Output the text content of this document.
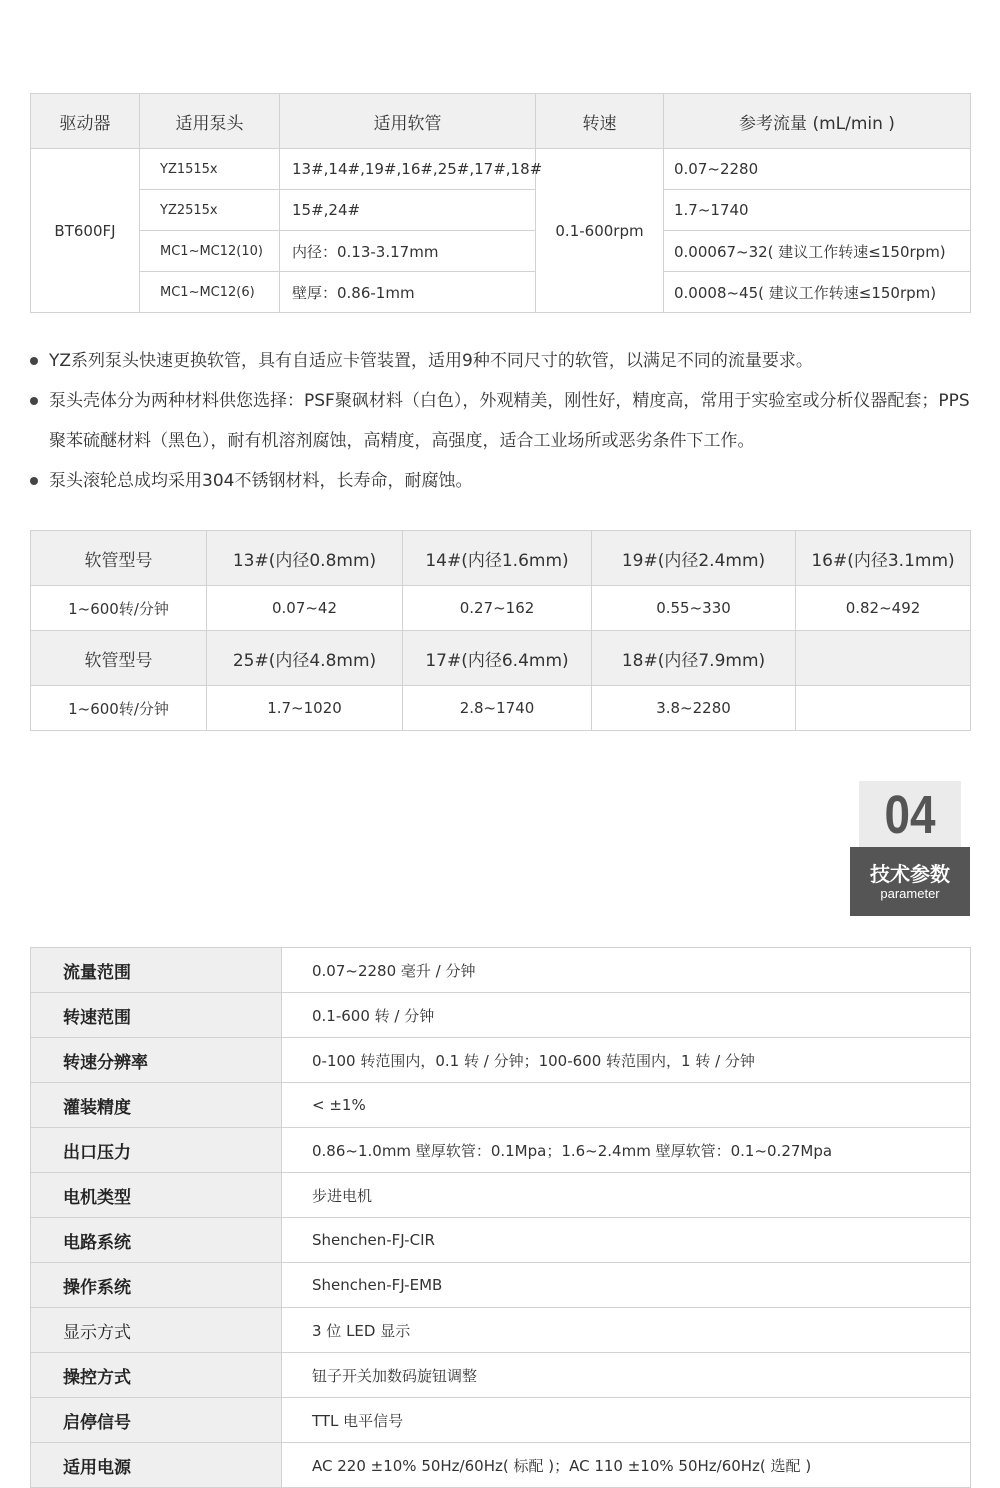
驱动器	适用泵头	适用软管	转速	参考流量 (mL/min )
BT600FJ	YZ1515x	13#,14#,19#,16#,25#,17#,18#	0.1-600rpm	0.07~2280
	YZ2515x	15#,24#		1.7~1740
	MC1~MC12(10)	内径：0.13-3.17mm		0.00067~32( 建议工作转速≤150rpm)
	MC1~MC12(6)	壁厚：0.86-1mm		0.0008~45( 建议工作转速≤150rpm)
YZ系列泵头快速更换软管，具有自适应卡管装置，适用9种不同尺寸的软管，以满足不同的流量要求。
泵头壳体分为两种材料供您选择：PSF聚砜材料（白色），外观精美，刚性好，精度高，常用于实验室或分析仪器配套；PPS聚苯硫醚材料（黑色），耐有机溶剂腐蚀，高精度，高强度，适合工业场所或恶劣条件下工作。
泵头滚轮总成均采用304不锈钢材料，长寿命，耐腐蚀。
软管型号	13#(内径0.8mm)	14#(内径1.6mm)	19#(内径2.4mm)	16#(内径3.1mm)
1~600转/分钟	0.07~42	0.27~162	0.55~330	0.82~492
软管型号	25#(内径4.8mm)	17#(内径6.4mm)	18#(内径7.9mm)	
1~600转/分钟	1.7~1020	2.8~1740	3.8~2280	
04
技术参数
parameter
流量范围	0.07~2280 毫升 / 分钟
转速范围	0.1-600 转 / 分钟
转速分辨率	0-100 转范围内，0.1 转 / 分钟；100-600 转范围内，1 转 / 分钟
灌装精度	< ±1%
出口压力	0.86~1.0mm 壁厚软管：0.1Mpa；1.6~2.4mm 壁厚软管：0.1~0.27Mpa
电机类型	步进电机
电路系统	Shenchen-FJ-CIR
操作系统	Shenchen-FJ-EMB
显示方式	3 位 LED 显示
操控方式	钮子开关加数码旋钮调整
启停信号	TTL 电平信号
适用电源	AC 220 ±10% 50Hz/60Hz( 标配 )；AC 110 ±10% 50Hz/60Hz( 选配 )
